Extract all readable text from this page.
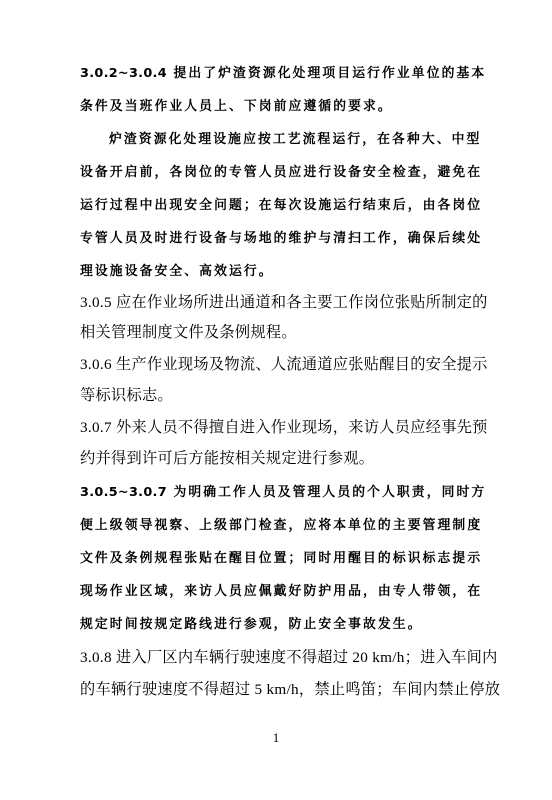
3.0.2~3.0.4 提出了炉渣资源化处理项目运行作业单位的基本
条件及当班作业人员上、下岗前应遵循的要求。
炉渣资源化处理设施应按工艺流程运行，在各种大、中型
设备开启前，各岗位的专管人员应进行设备安全检查，避免在
运行过程中出现安全问题；在每次设施运行结束后，由各岗位
专管人员及时进行设备与场地的维护与清扫工作，确保后续处
理设施设备安全、高效运行。
3.0.5 应在作业场所进出通道和各主要工作岗位张贴所制定的
相关管理制度文件及条例规程。
3.0.6 生产作业现场及物流、人流通道应张贴醒目的安全提示
等标识标志。
3.0.7 外来人员不得擅自进入作业现场，来访人员应经事先预
约并得到许可后方能按相关规定进行参观。
3.0.5~3.0.7 为明确工作人员及管理人员的个人职责，同时方
便上级领导视察、上级部门检查，应将本单位的主要管理制度
文件及条例规程张贴在醒目位置；同时用醒目的标识标志提示
现场作业区域，来访人员应佩戴好防护用品，由专人带领，在
规定时间按规定路线进行参观，防止安全事故发生。
3.0.8 进入厂区内车辆行驶速度不得超过 20 km/h；进入车间内
的车辆行驶速度不得超过 5 km/h，禁止鸣笛；车间内禁止停放
1
